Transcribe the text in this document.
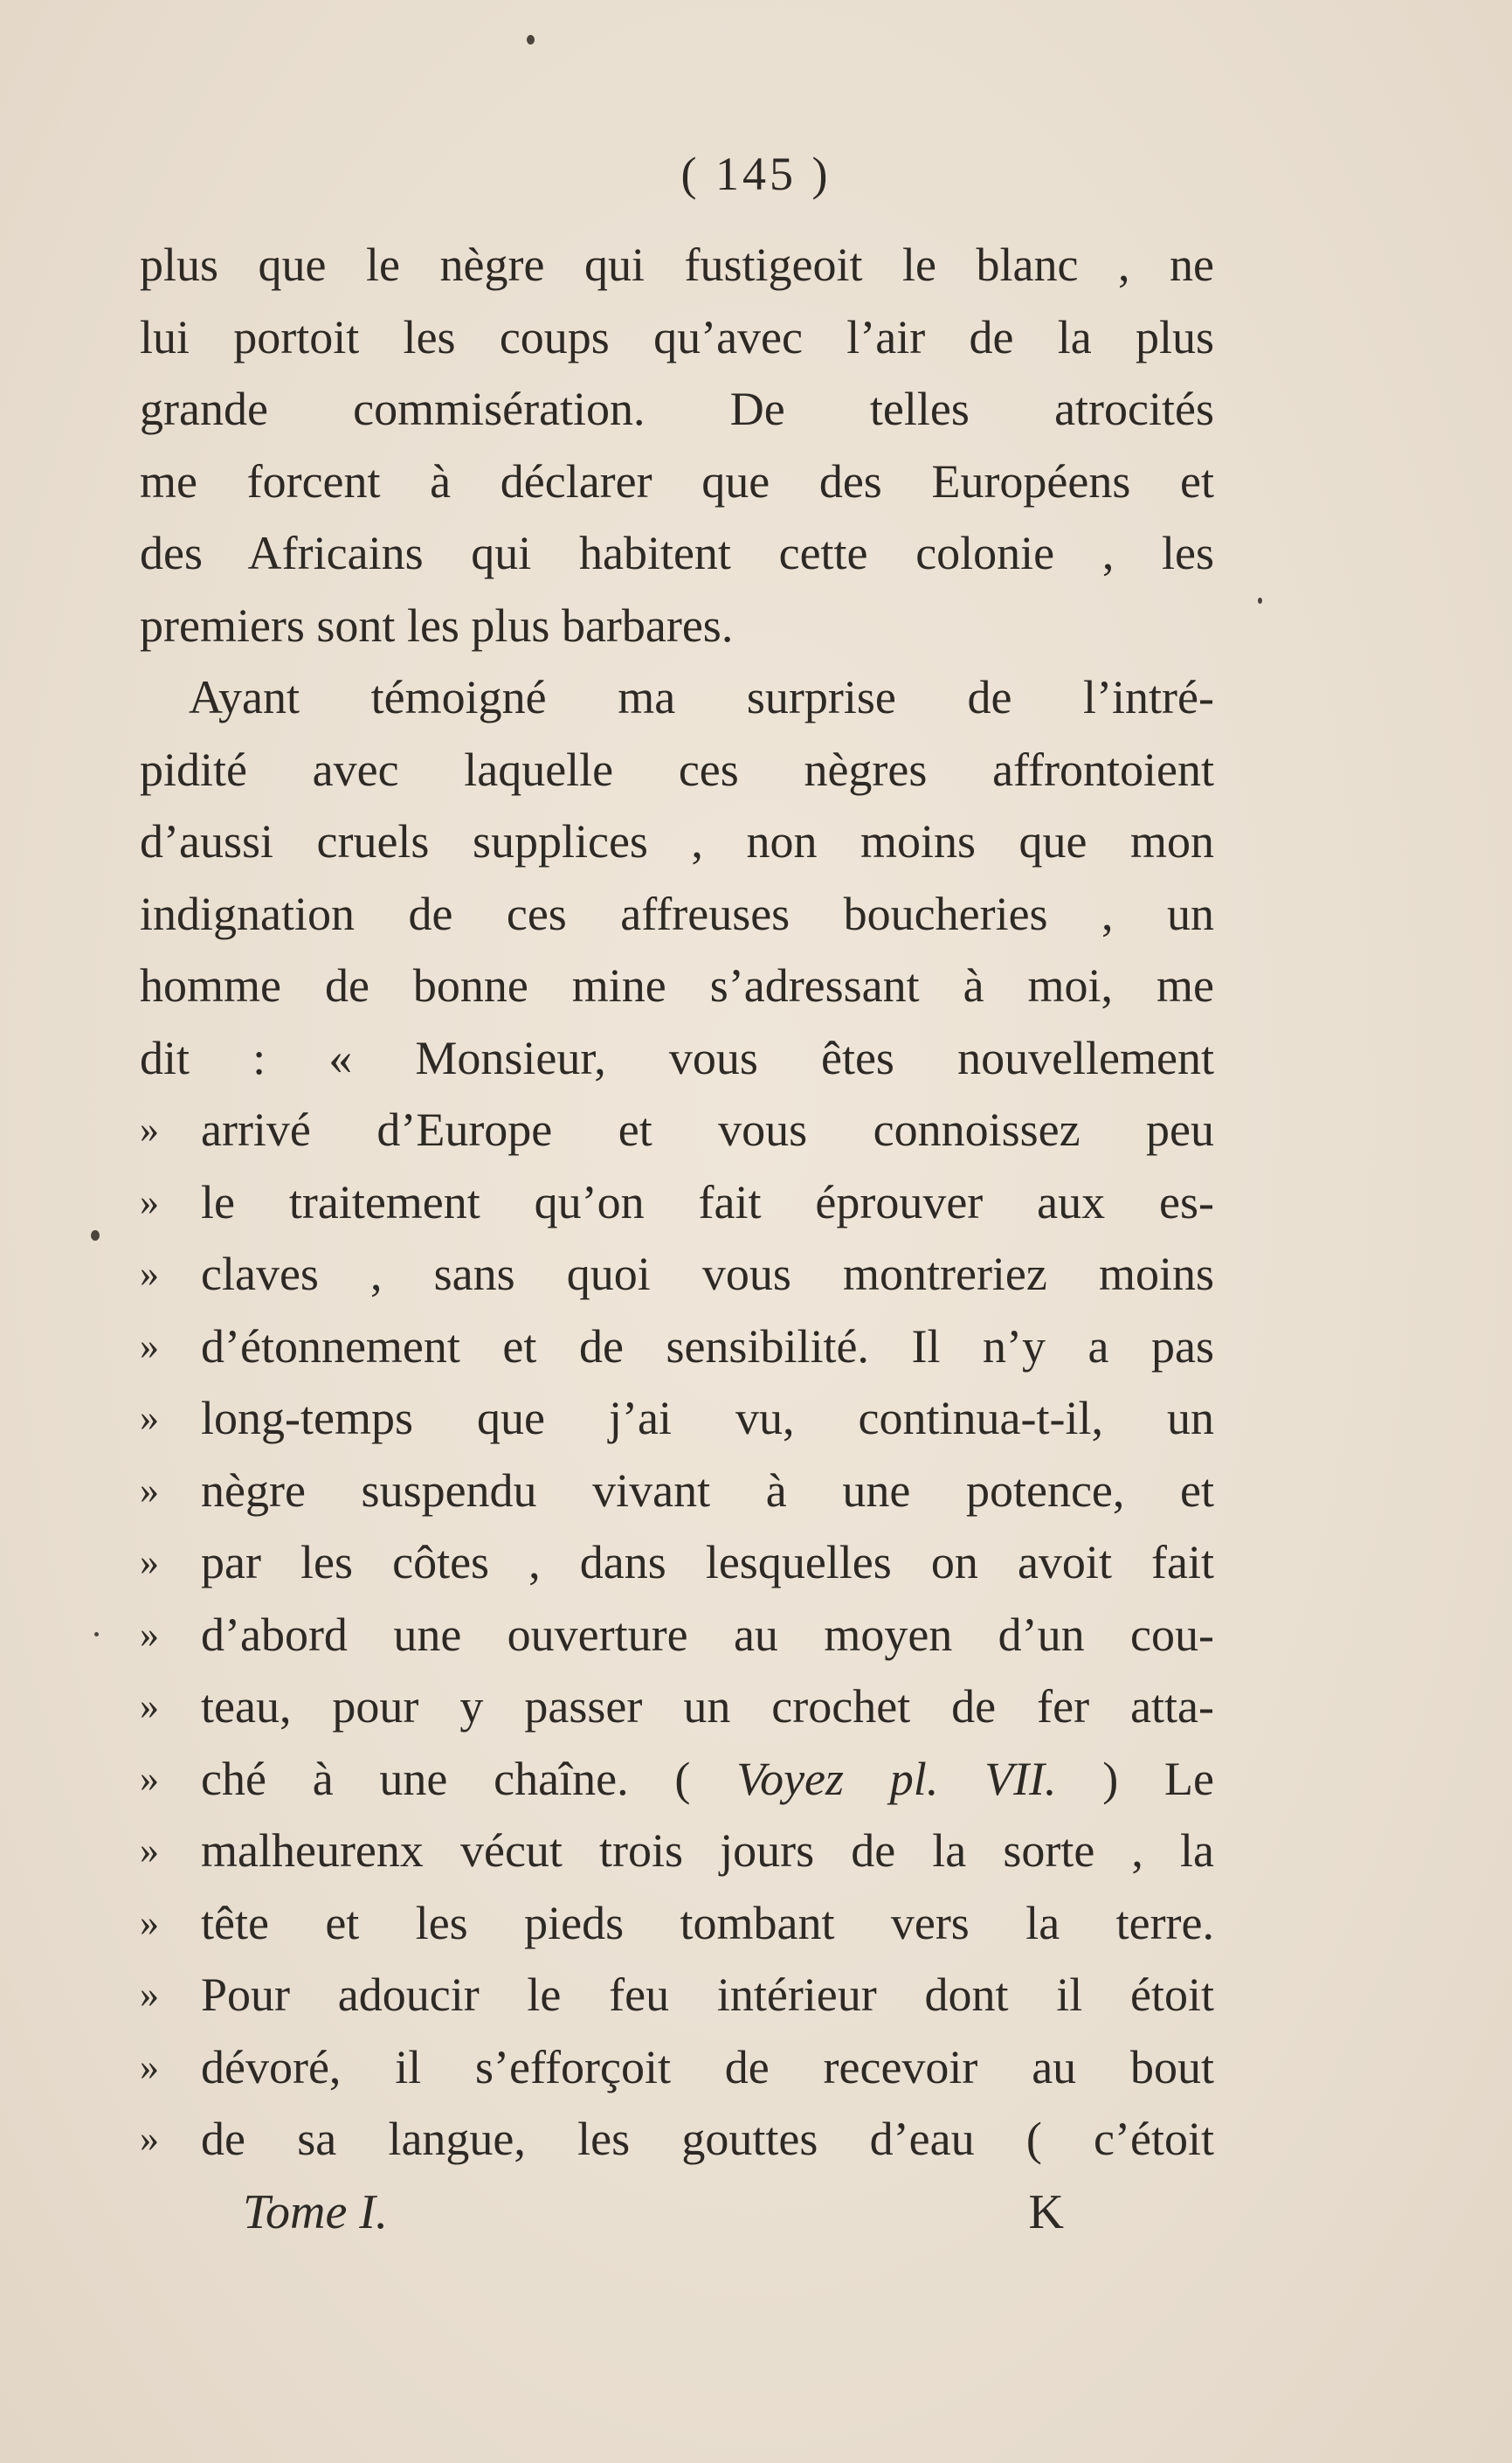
( 145 )
plus que le nègre qui fustigeoit le blanc , ne
lui portoit les coups qu’avec l’air de la plus
grande commisération. De telles atrocités
me forcent à déclarer que des Européens et
des Africains qui habitent cette colonie , les
premiers sont les plus barbares.
Ayant témoigné ma surprise de l’intré-
pidité avec laquelle ces nègres affrontoient
d’aussi cruels supplices , non moins que mon
indignation de ces affreuses boucheries , un
homme de bonne mine s’adressant à moi, me
dit : « Monsieur, vous êtes nouvellement
» arrivé d’Europe et vous connoissez peu
» le traitement qu’on fait éprouver aux es-
» claves , sans quoi vous montreriez moins
» d’étonnement et de sensibilité. Il n’y a pas
» long-temps que j’ai vu, continua-t-il, un
» nègre suspendu vivant à une potence, et
» par les côtes , dans lesquelles on avoit fait
» d’abord une ouverture au moyen d’un cou-
» teau, pour y passer un crochet de fer atta-
» ché à une chaîne. ( Voyez pl. VII. ) Le
» malheurenx vécut trois jours de la sorte , la
» tête et les pieds tombant vers la terre.
» Pour adoucir le feu intérieur dont il étoit
» dévoré, il s’efforçoit de recevoir au bout
» de sa langue, les gouttes d’eau ( c’étoit
Tome I.	K
